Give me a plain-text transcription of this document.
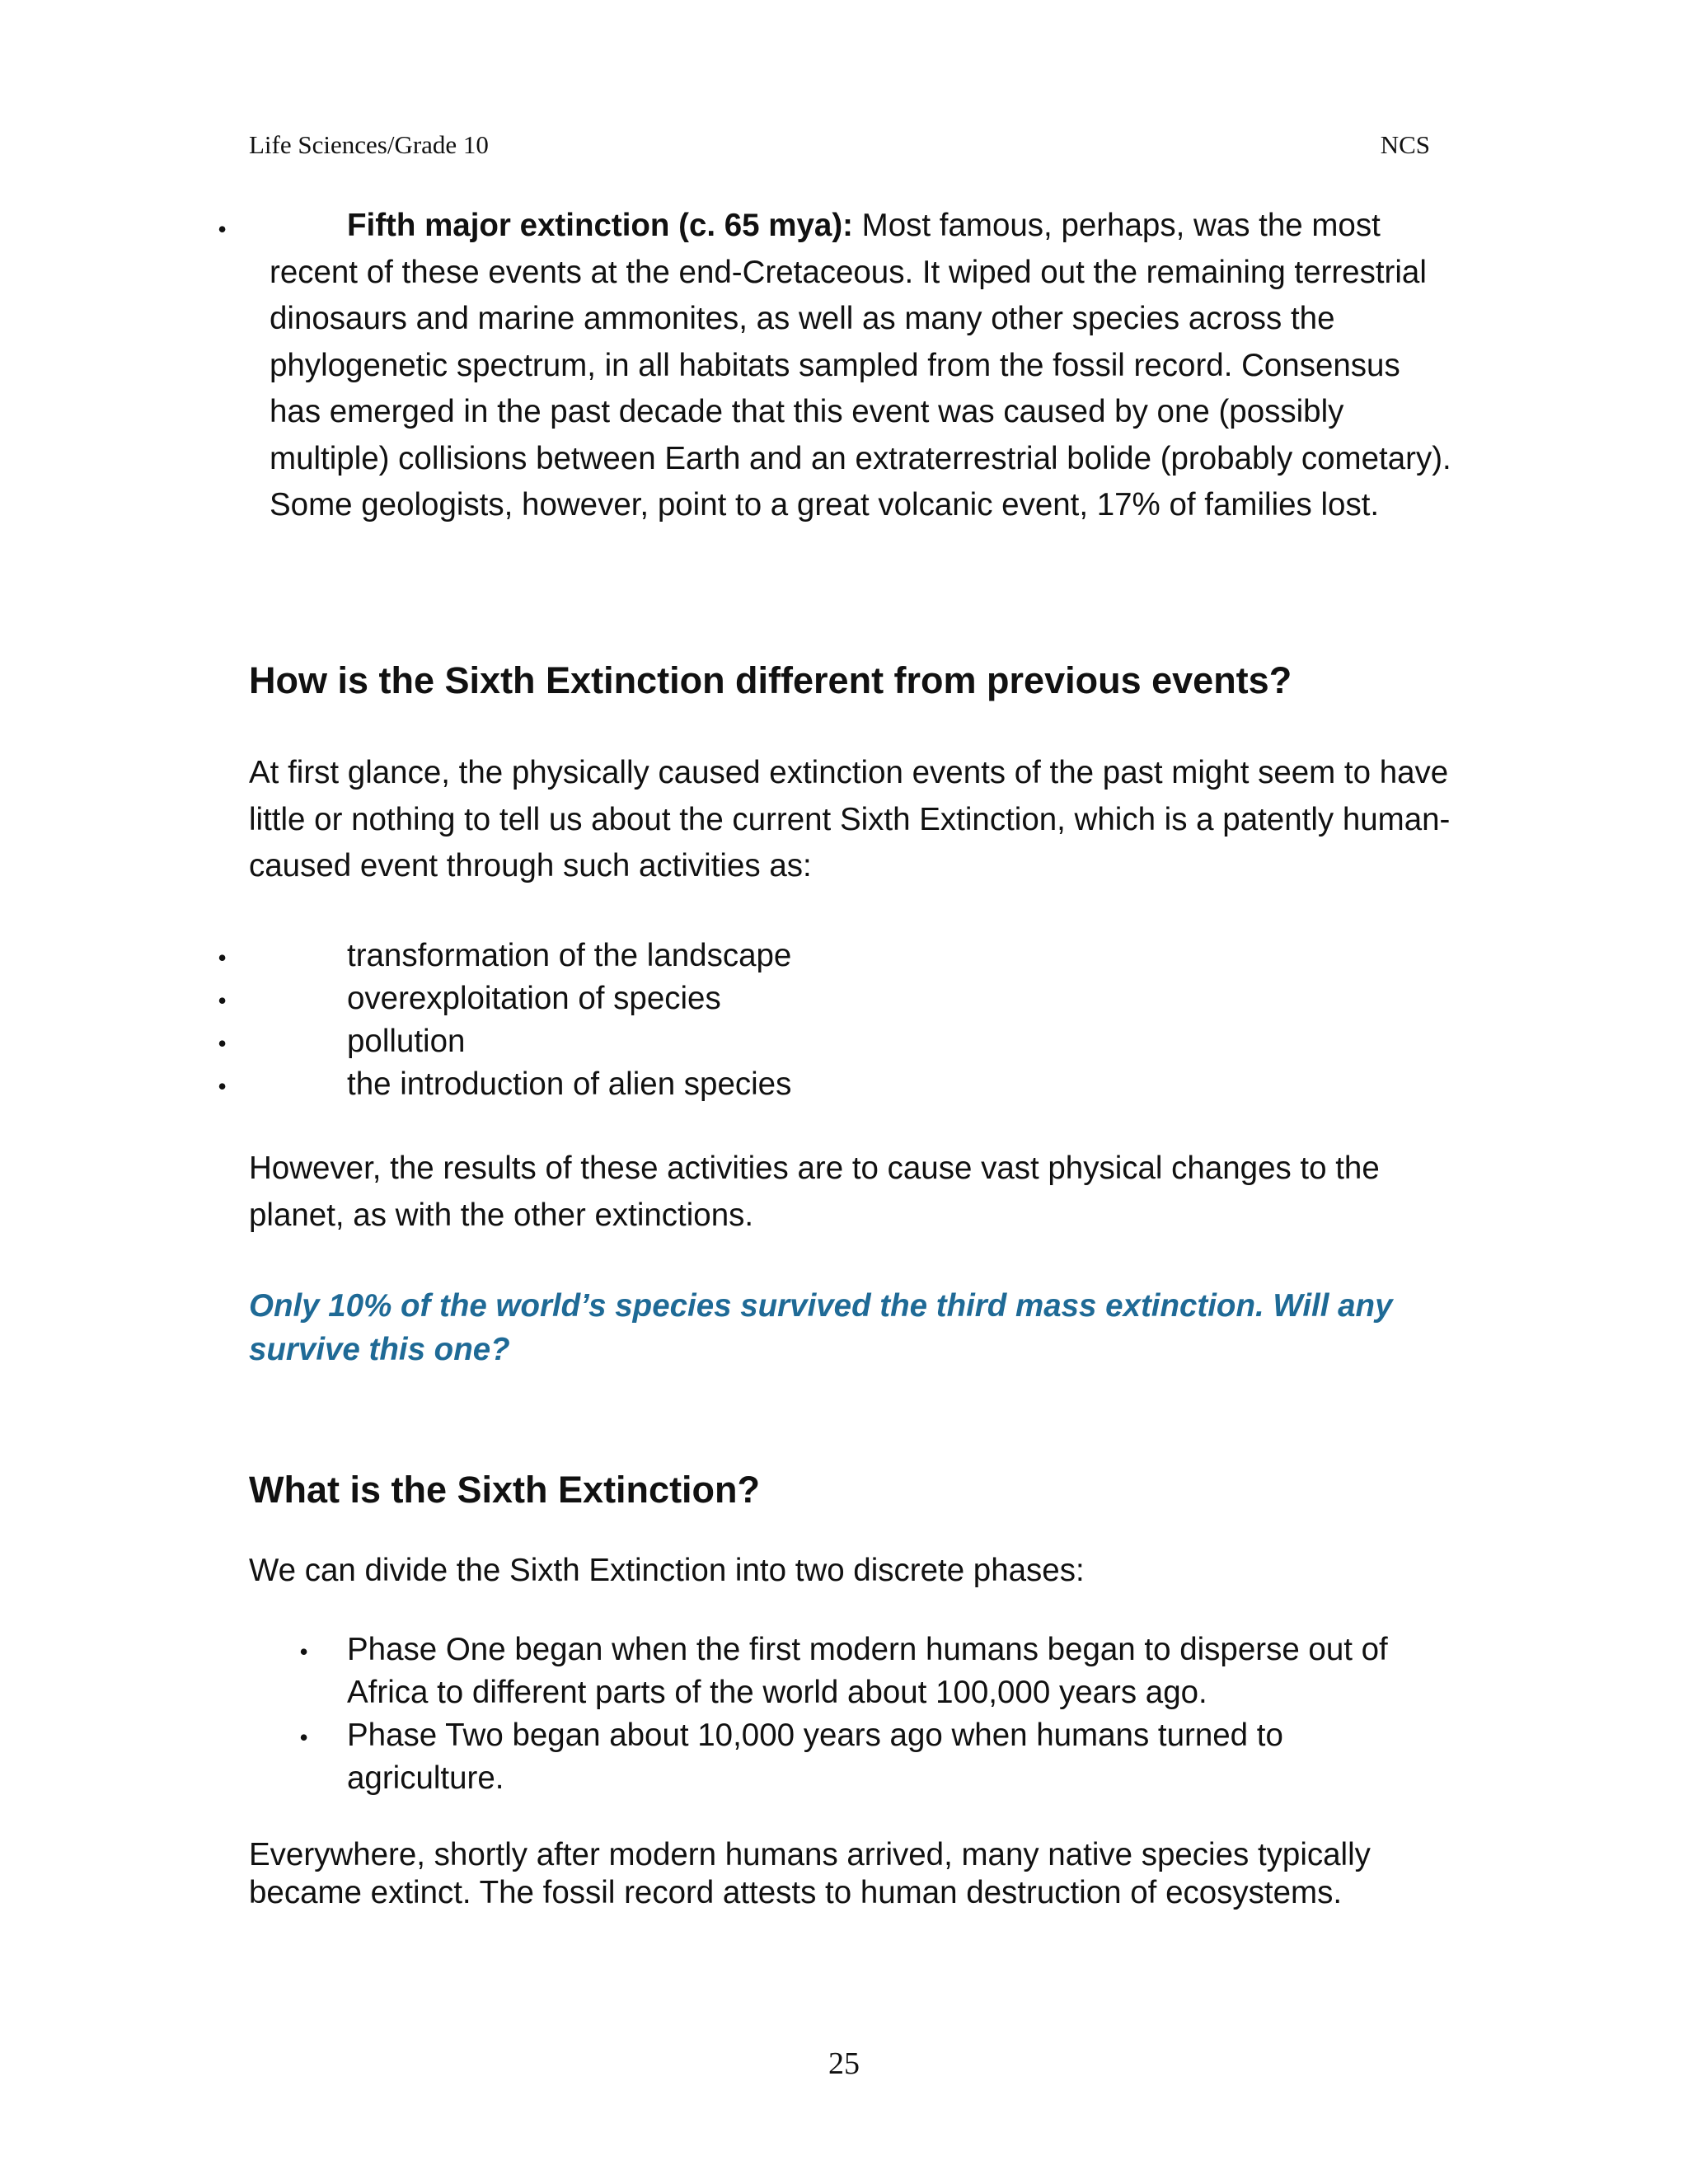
Life Sciences/Grade 10	NCS
•	Fifth major extinction (c. 65 mya): Most famous, perhaps, was the most recent of these events at the end-Cretaceous. It wiped out the remaining terrestrial dinosaurs and marine ammonites, as well as many other species across the phylogenetic spectrum, in all habitats sampled from the fossil record. Consensus has emerged in the past decade that this event was caused by one (possibly multiple) collisions between Earth and an extraterrestrial bolide (probably cometary). Some geologists, however, point to a great volcanic event, 17% of families lost.
How is the Sixth Extinction different from previous events?
At first glance, the physically caused extinction events of the past might seem to have little or nothing to tell us about the current Sixth Extinction, which is a patently human-caused event through such activities as:
•	transformation of the landscape
•	overexploitation of species
•	pollution
•	the introduction of alien species
However, the results of these activities are to cause vast physical changes to the planet, as with the other extinctions.
Only 10% of the world’s species survived the third mass extinction. Will any survive this one?
What is the Sixth Extinction?
We can divide the Sixth Extinction into two discrete phases:
• Phase One began when the first modern humans began to disperse out of Africa to different parts of the world about 100,000 years ago.
• Phase Two began about 10,000 years ago when humans turned to agriculture.
Everywhere, shortly after modern humans arrived, many native species typically became extinct. The fossil record attests to human destruction of ecosystems.
25
